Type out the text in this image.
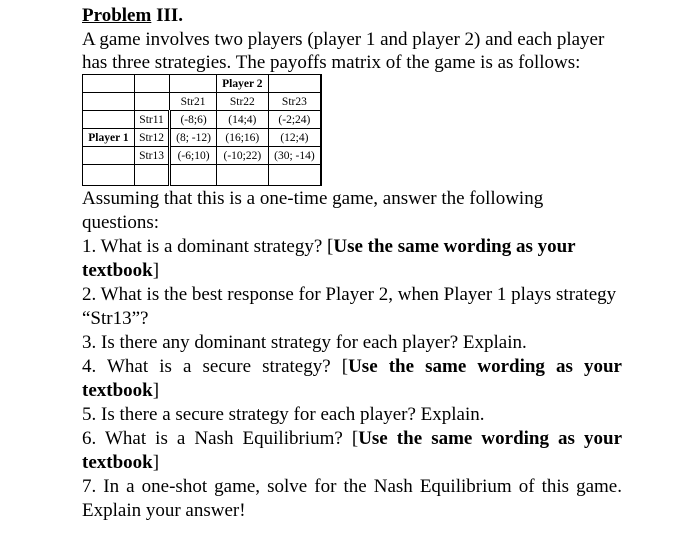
Problem III.
A game involves two players (player 1 and player 2) and each player has three strategies. The payoffs matrix of the game is as follows:
			Player 2	
		Str21	Str22	Str23
	Str11	(-8;6)	(14;4)	(-2;24)
Player 1	Str12	(8; -12)	(16;16)	(12;4)
	Str13	(-6;10)	(-10;22)	(30; -14)

Assuming that this is a one-time game, answer the following questions:
1. What is a dominant strategy? [Use the same wording as your textbook]
2. What is the best response for Player 2, when Player 1 plays strategy “Str13”?
3. Is there any dominant strategy for each player? Explain.
4. What is a secure strategy? [Use the same wording as your textbook]
5. Is there a secure strategy for each player? Explain.
6. What is a Nash Equilibrium? [Use the same wording as your textbook]
7. In a one-shot game, solve for the Nash Equilibrium of this game. Explain your answer!
